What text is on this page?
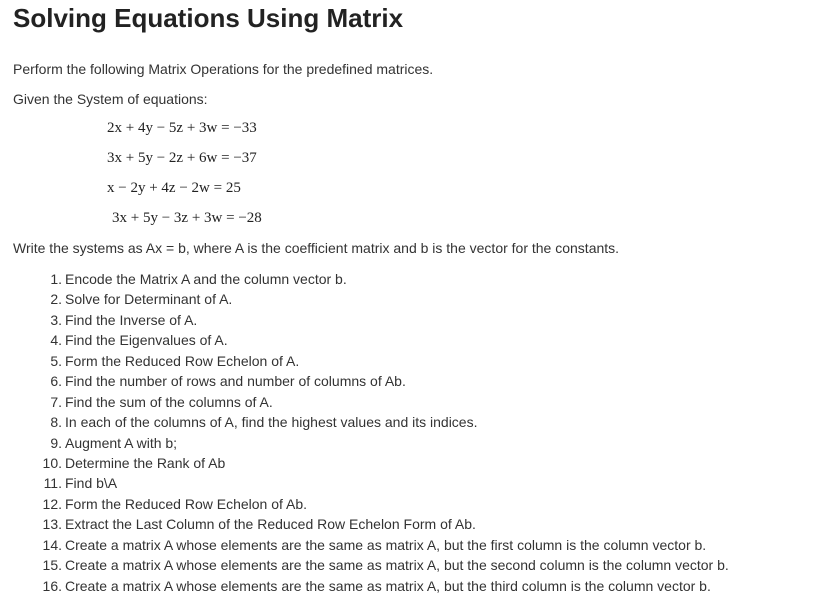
Solving Equations Using Matrix

Perform the following Matrix Operations for the predefined matrices.

Given the System of equations:

2x + 4y − 5z + 3w = −33

3x + 5y − 2z + 6w = −37

x − 2y + 4z − 2w = 25

3x + 5y − 3z + 3w = −28

Write the systems as Ax = b, where A is the coefficient matrix and b is the vector for the constants.

1. Encode the Matrix A and the column vector b.
2. Solve for Determinant of A.
3. Find the Inverse of A.
4. Find the Eigenvalues of A.
5. Form the Reduced Row Echelon of A.
6. Find the number of rows and number of columns of Ab.
7. Find the sum of the columns of A.
8. In each of the columns of A, find the highest values and its indices.
9. Augment A with b;
10. Determine the Rank of Ab
11. Find b\A
12. Form the Reduced Row Echelon of Ab.
13. Extract the Last Column of the Reduced Row Echelon Form of Ab.
14. Create a matrix A whose elements are the same as matrix A, but the first column is the column vector b.
15. Create a matrix A whose elements are the same as matrix A, but the second column is the column vector b.
16. Create a matrix A whose elements are the same as matrix A, but the third column is the column vector b.
